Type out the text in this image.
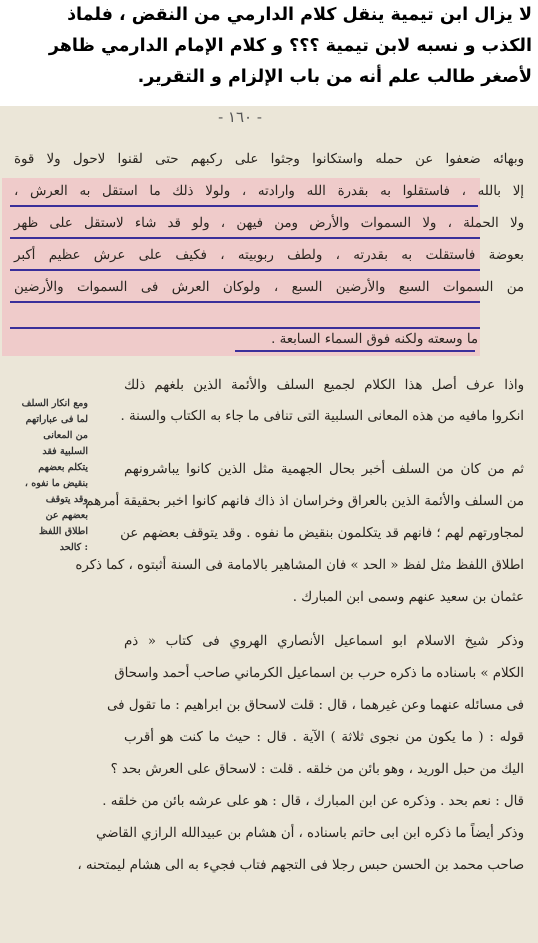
لا يزال ابن تيمية ينقل كلام الدارمي من النقض ، فلماذ
الكذب و نسبه لابن تيمية ؟؟؟ و كلام الإمام الدارمي ظاهر
لأصغر طالب علم أنه من باب الإلزام و التقرير.
- ١٦٠ -
وبهائه ضعفوا عن حمله واستكانوا وجثوا على ركبهم حتى لقنوا لاحول ولا قوة
إلا بالله ، فاستقلوا به بقدرة الله وارادته ، ولولا ذلك ما استقل به العرش ،
ولا الحملة ، ولا السموات والأرض ومن فيهن ، ولو قد شاء لاستقل على ظهر
بعوضة فاستقلت به بقدرته ، ولطف ربوبيته ، فكيف على عرش عظيم أكبر
من السموات السبع والأرضين السبع ، ولوكان العرش فى السموات والأرضين
ما وسعته ولكنه فوق السماء السابعة .
واذا عرف أصل هذا الكلام لجميع السلف والأئمة الذين بلغهم ذلك
انكروا مافيه من هذه المعانى السلبية التى تنافى ما جاء به الكتاب والسنة .
ثم من كان من السلف أخبر بحال الجهمية مثل الذين كانوا يباشرونهم
من السلف والأئمة الذين بالعراق وخراسان اذ ذاك فانهم كانوا اخبر بحقيقة أمرهم
لمجاورتهم لهم ؛ فانهم قد يتكلمون بنقيض ما نفوه . وقد يتوقف بعضهم عن
اطلاق اللفظ مثل لفظ « الحد » فان المشاهير بالامامة فى السنة أثبتوه ، كما ذكره
عثمان بن سعيد عنهم وسمى ابن المبارك .
وذكر شيخ الاسلام ابو اسماعيل الأنصاري الهروي فى كتاب « ذم
الكلام » باسناده ما ذكره حرب بن اسماعيل الكرماني صاحب أحمد واسحاق
فى مسائله عنهما وعن غيرهما ، قال : قلت لاسحاق بن ابراهيم : ما تقول فى
قوله : ( ما يكون من نجوى ثلاثة ) الآية . قال : حيث ما كنت هو أقرب
اليك من حبل الوريد ، وهو بائن من خلقه . قلت : لاسحاق على العرش بحد ؟
قال : نعم بحد . وذكره عن ابن المبارك ، قال : هو على عرشه بائن من خلقه .
وذكر أيضاً ما ذكره ابن ابى حاتم باسناده ، أن هشام بن عبيدالله الرازي القاضي
صاحب محمد بن الحسن حبس رجلا فى التجهم فتاب فجيء به الى هشام ليمتحنه ،
ومع انكار السلف
لما فى عباراتهم
من المعانى
السلبية فقد
يتكلم بعضهم
بنقيض ما نفوه ،
وقد يتوقف
بعضهم عن
اطلاق اللفظ
: كالحد
